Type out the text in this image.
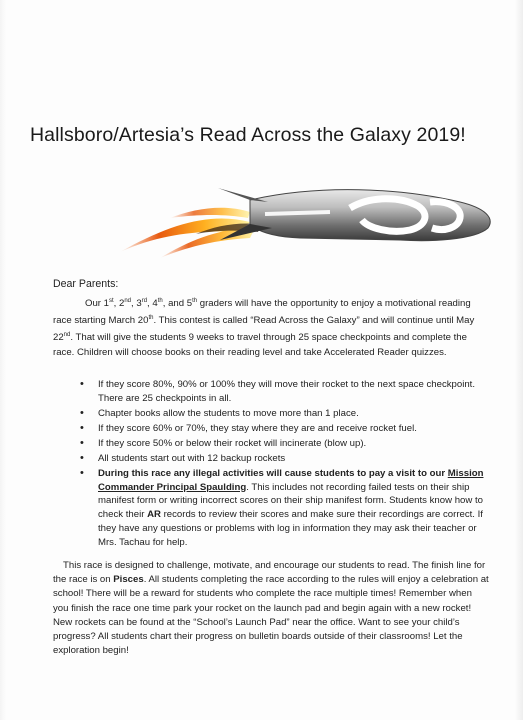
Hallsboro/Artesia’s Read Across the Galaxy 2019!
Dear Parents:

Our 1st, 2nd, 3rd, 4th, and 5th graders will have the opportunity to enjoy a motivational reading race starting March 20th. This contest is called “Read Across the Galaxy” and will continue until May 22nd. That will give the students 9 weeks to travel through 25 space checkpoints and complete the race. Children will choose books on their reading level and take Accelerated Reader quizzes.

• If they score 80%, 90% or 100% they will move their rocket to the next space checkpoint. There are 25 checkpoints in all.
• Chapter books allow the students to move more than 1 place.
• If they score 60% or 70%, they stay where they are and receive rocket fuel.
• If they score 50% or below their rocket will incinerate (blow up).
• All students start out with 12 backup rockets
• During this race any illegal activities will cause students to pay a visit to our Mission Commander Principal Spaulding. This includes not recording failed tests on their ship manifest form or writing incorrect scores on their ship manifest form. Students know how to check their AR records to review their scores and make sure their recordings are correct. If they have any questions or problems with log in information they may ask their teacher or Mrs. Tachau for help.

This race is designed to challenge, motivate, and encourage our students to read. The finish line for the race is on Pisces. All students completing the race according to the rules will enjoy a celebration at school! There will be a reward for students who complete the race multiple times! Remember when you finish the race one time park your rocket on the launch pad and begin again with a new rocket! New rockets can be found at the “School’s Launch Pad” near the office. Want to see your child’s progress? All students chart their progress on bulletin boards outside of their classrooms! Let the exploration begin!
